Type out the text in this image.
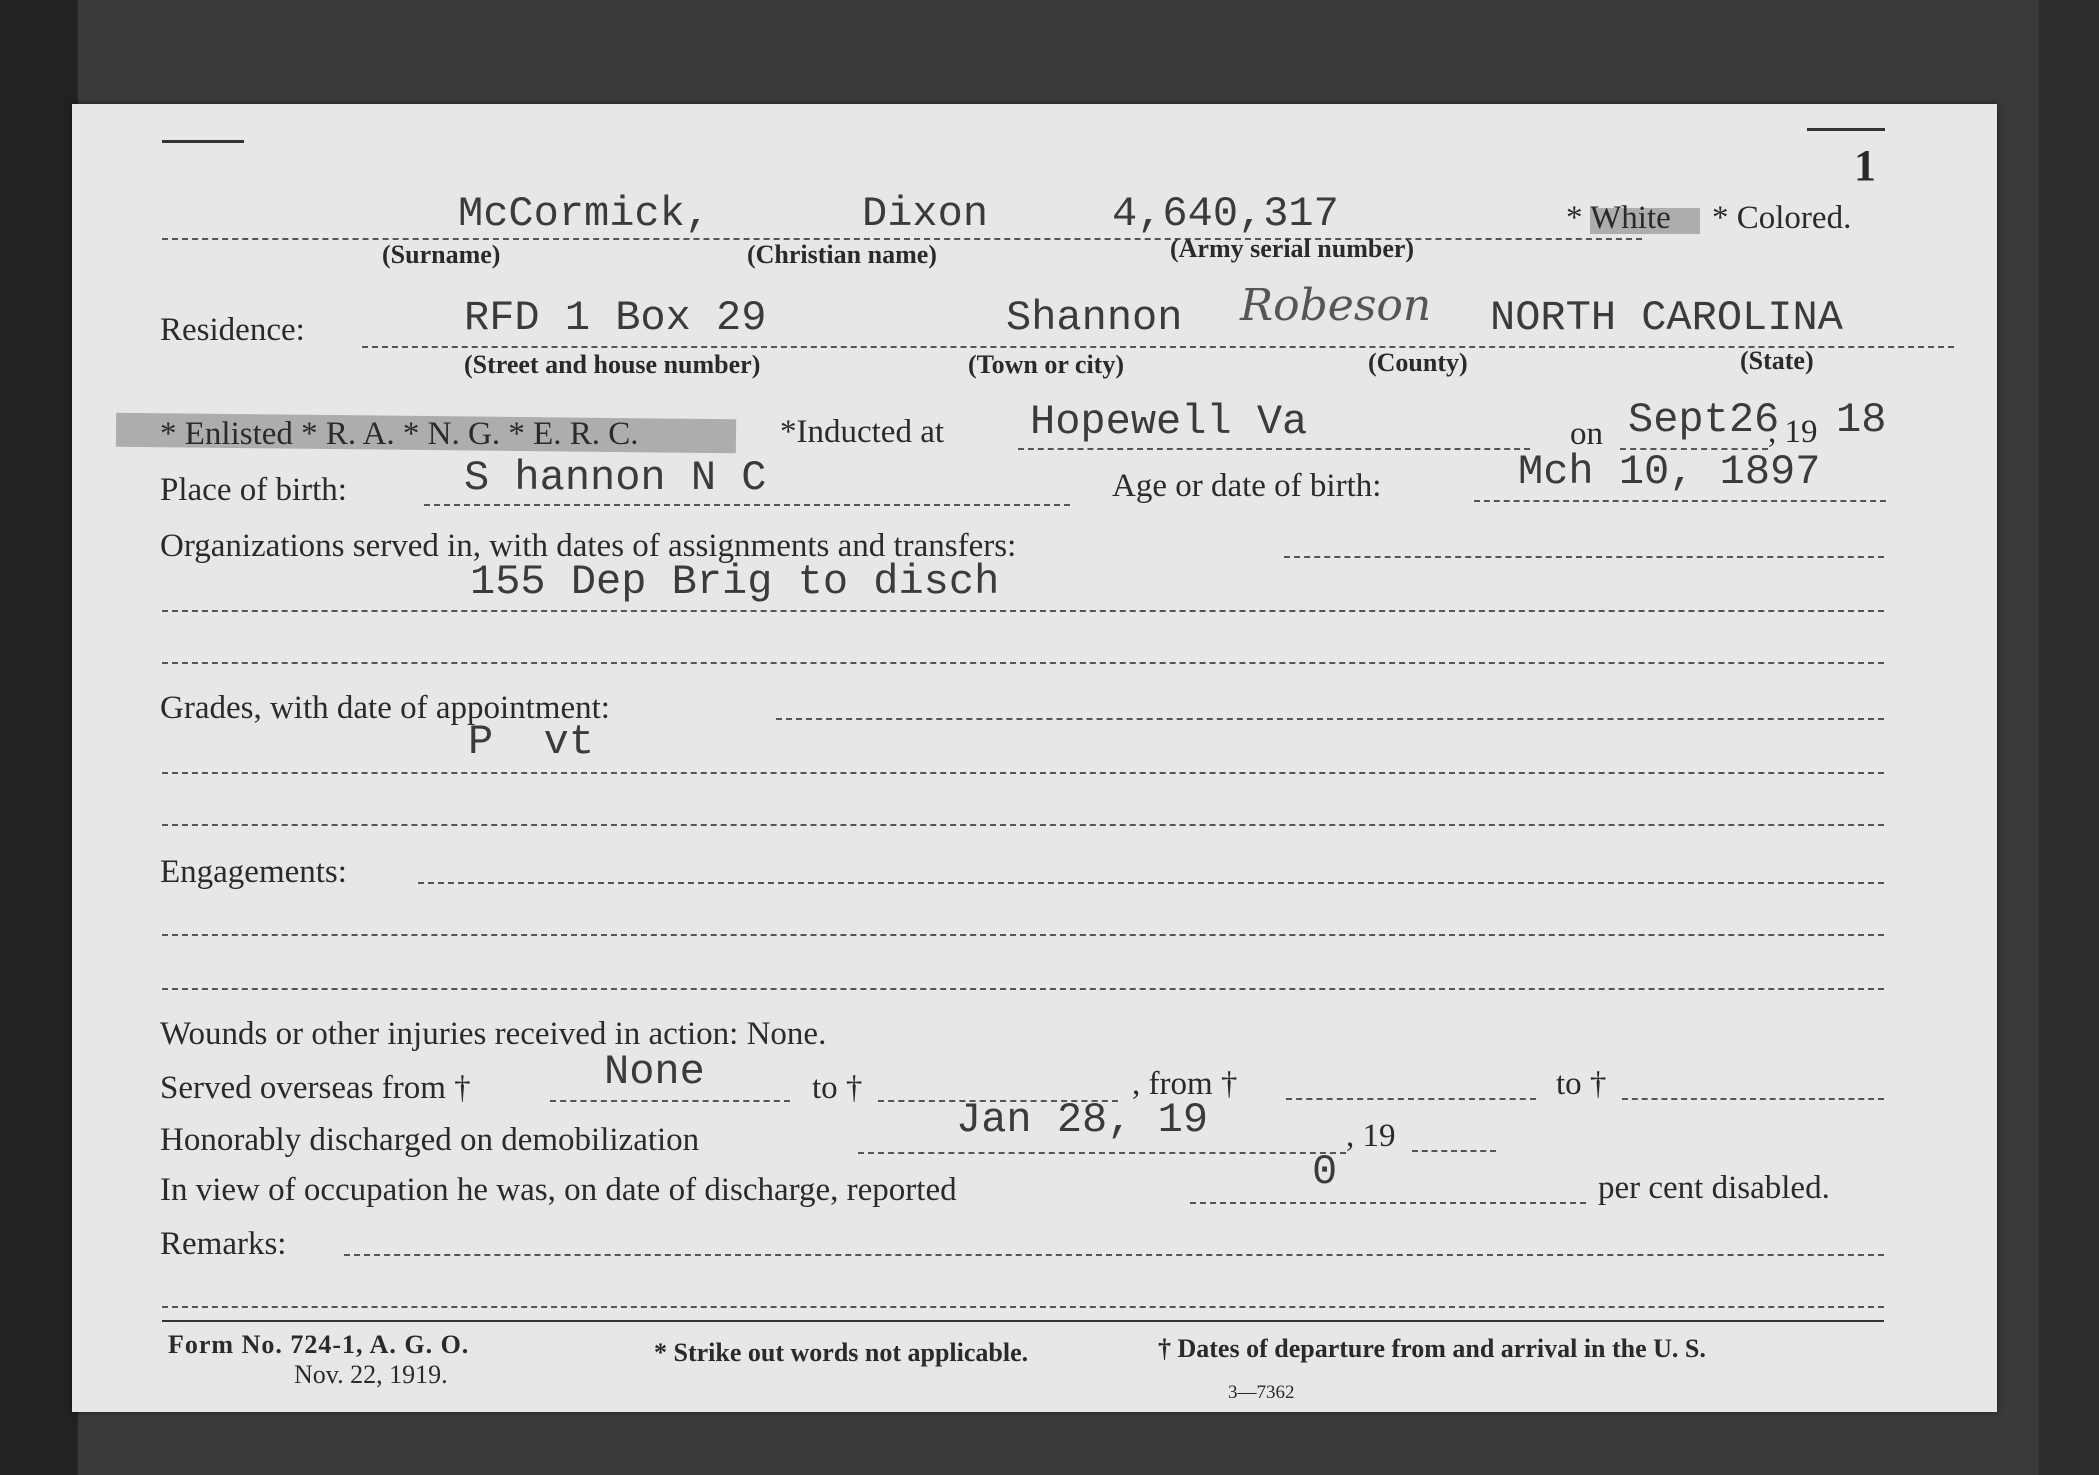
1
McCormick,	Dixon	4,640,317	* White * Colored.
(Surname)	(Christian name)	(Army serial number)
Residence:	RFD 1 Box 29	Shannon Robeson NORTH CAROLINA
(Street and house number)	(Town or city)	(County)	(State)
* Enlisted * R. A. * N. G. * E. R. C.	*Inducted at Hopewell Va	on Sept26
, 19 18
Place of birth:	S hannon N C	Age or date of birth:	Mch 10, 1897
Organizations served in, with dates of assignments and transfers:
155 Dep Brig to disch
Grades, with date of appointment:
P  vt
Engagements:
Wounds or other injuries received in action: None.
Served overseas from †	None	to †	, from †	to †
Honorably discharged on demobilization	Jan 28, 19	, 19
In view of occupation he was, on date of discharge, reported	0	per cent disabled.
Remarks:
Form No. 724-1, A. G. O.
Nov. 22, 1919.
* Strike out words not applicable.	† Dates of departure from and arrival in the U. S.
3—7362
